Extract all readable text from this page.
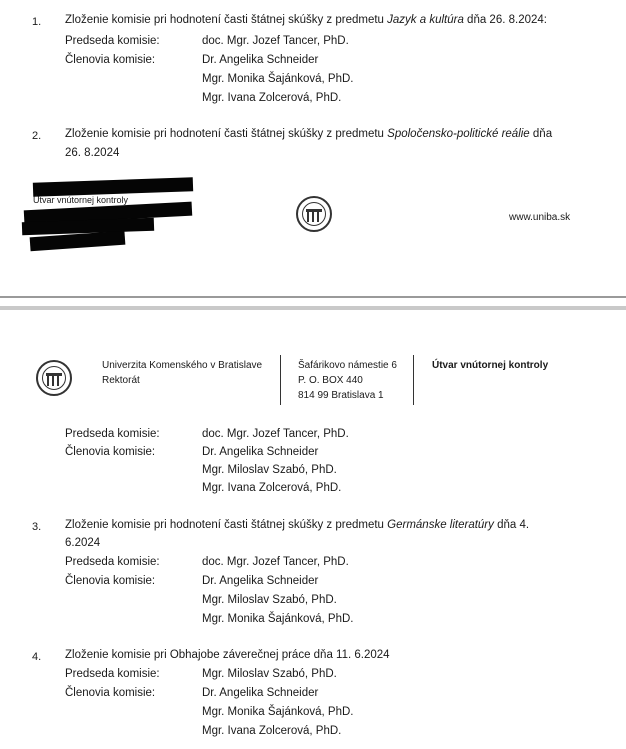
1. Zloženie komisie pri hodnotení časti štátnej skúšky z predmetu Jazyk a kultúra dňa 26. 8.2024:
Predseda komisie:	doc. Mgr. Jozef Tancer, PhD.
Členovia komisie:	Dr. Angelika Schneider
Mgr. Monika Šajánková, PhD.
Mgr. Ivana Zolcerová, PhD.
2. Zloženie komisie pri hodnotení časti štátnej skúšky z predmetu Spoločensko-politické reálie dňa
26. 8.2024
Útvar vnútornej kontroly
www.uniba.sk
Univerzita Komenského v Bratislave
Rektorát
Šafárikovo námestie 6
P. O. BOX 440
814 99 Bratislava 1
Útvar vnútornej kontroly
Predseda komisie:	doc. Mgr. Jozef Tancer, PhD.
Členovia komisie:	Dr. Angelika Schneider
Mgr. Miloslav Szabó, PhD.
Mgr. Ivana Zolcerová, PhD.
3. Zloženie komisie pri hodnotení časti štátnej skúšky z predmetu Germánske literatúry dňa 4.
6.2024
Predseda komisie:	doc. Mgr. Jozef Tancer, PhD.
Členovia komisie:	Dr. Angelika Schneider
Mgr. Miloslav Szabó, PhD.
Mgr. Monika Šajánková, PhD.
4. Zloženie komisie pri Obhajobe záverečnej práce dňa 11. 6.2024
Predseda komisie:	Mgr. Miloslav Szabó, PhD.
Členovia komisie:	Dr. Angelika Schneider
Mgr. Monika Šajánková, PhD.
Mgr. Ivana Zolcerová, PhD.
